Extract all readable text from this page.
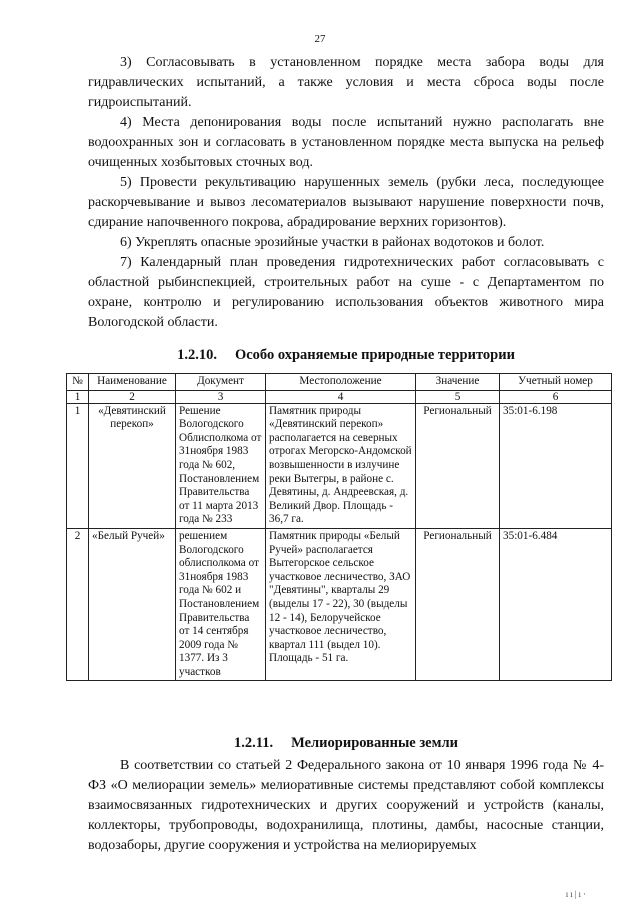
27

3) Согласовывать в установленном порядке места забора воды для гидравлических испытаний, а также условия и места сброса воды после гидроиспытаний.

4) Места депонирования воды после испытаний нужно располагать вне водоохранных зон и согласовать в установленном порядке места выпуска на рельеф очищенных хозбытовых сточных вод.

5) Провести рекультивацию нарушенных земель (рубки леса, последующее раскорчевывание и вывоз лесоматериалов вызывают нарушение поверхности почв, сдирание напочвенного покрова, абрадирование верхних горизонтов).

6) Укреплять опасные эрозийные участки в районах водотоков и болот.

7) Календарный план проведения гидротехнических работ согласовывать с областной рыбинспекцией, строительных работ на суше - с Департаментом по охране, контролю и регулированию использования объектов животного мира Вологодской области.

1.2.10. Особо охраняемые природные территории
№	Наименование	Документ	Местоположение	Значение	Учетный номер
1	2	3	4	5	6
1	«Девятинский перекоп»	Решение Вологодского Облисполкома от 31ноября 1983 года № 602, Постановлением Правительства от 11 марта 2013 года № 233	Памятник природы «Девятинский перекоп» располагается на северных отрогах Мегорско-Андомской возвышенности в излучине реки Вытегры, в районе с. Девятины, д. Андреевская, д. Великий Двор. Площадь - 36,7 га.	Региональный	35:01-6.198
2	«Белый Ручей»	решением Вологодского облисполкома от 31ноября 1983 года № 602 и Постановлением Правительства от 14 сентября 2009 года № 1377. Из 3 участков	Памятник природы «Белый Ручей» располагается Вытегорское сельское участковое лесничество, ЗАО "Девятины", кварталы 29 (выделы 17 - 22), 30 (выделы 12 - 14), Белоручейское участковое лесничество, квартал 111 (выдел 10). Площадь - 51 га.	Региональный	35:01-6.484
1.2.11. Мелиорированные земли

В соответствии со статьей 2 Федерального закона от 10 января 1996 года № 4-ФЗ «О мелиорации земель» мелиоративные системы представляют собой комплексы взаимосвязанных гидротехнических и других сооружений и устройств (каналы, коллекторы, трубопроводы, водохранилища, плотины, дамбы, насосные станции, водозаборы, другие сооружения и устройства на мелиорируемых

ıı|ı·
